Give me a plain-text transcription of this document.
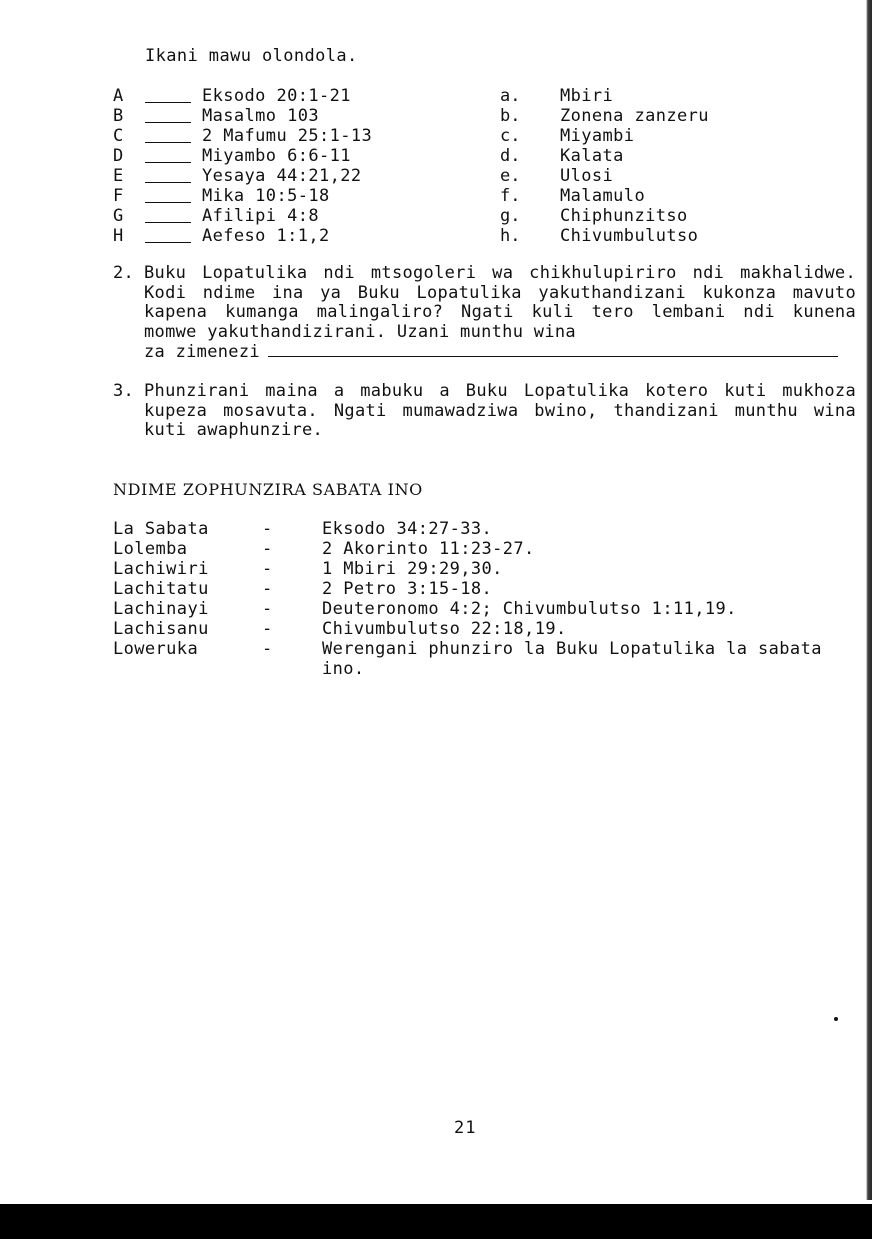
Ikani mawu olondola.
A	Eksodo 20:1-21	a. Mbiri
B	Masalmo 103	b. Zonena zanzeru
C	2 Mafumu 25:1-13	c. Miyambi
D	Miyambo 6:6-11	d. Kalata
E	Yesaya 44:21,22	e. Ulosi
F	Mika 10:5-18	f. Malamulo
G	Afilipi 4:8	g. Chiphunzitso
H	Aefeso 1:1,2	h. Chivumbulutso
2. Buku Lopatulika ndi mtsogoleri wa chikhulupiriro ndi makhalidwe. Kodi ndime ina ya Buku Lopatulika yakuthandizani kukonza mavuto kapena kumanga malingaliro? Ngati kuli tero lembani ndi kunena momwe yakuthandizirani. Uzani munthu wina
za zimenezi
3. Phunzirani maina a mabuku a Buku Lopatulika kotero kuti mukhoza kupeza mosavuta. Ngati mumawadziwa bwino, thandizani munthu wina kuti awaphunzire.
NDIME ZOPHUNZIRA SABATA INO
La Sabata	-	Eksodo 34:27-33.
Lolemba	-	2 Akorinto 11:23-27.
Lachiwiri	-	1 Mbiri 29:29,30.
Lachitatu	-	2 Petro 3:15-18.
Lachinayi	-	Deuteronomo 4:2; Chivumbulutso 1:11,19.
Lachisanu	-	Chivumbulutso 22:18,19.
Loweruka	-	Werengani phunziro la Buku Lopatulika la sabata ino.
21
